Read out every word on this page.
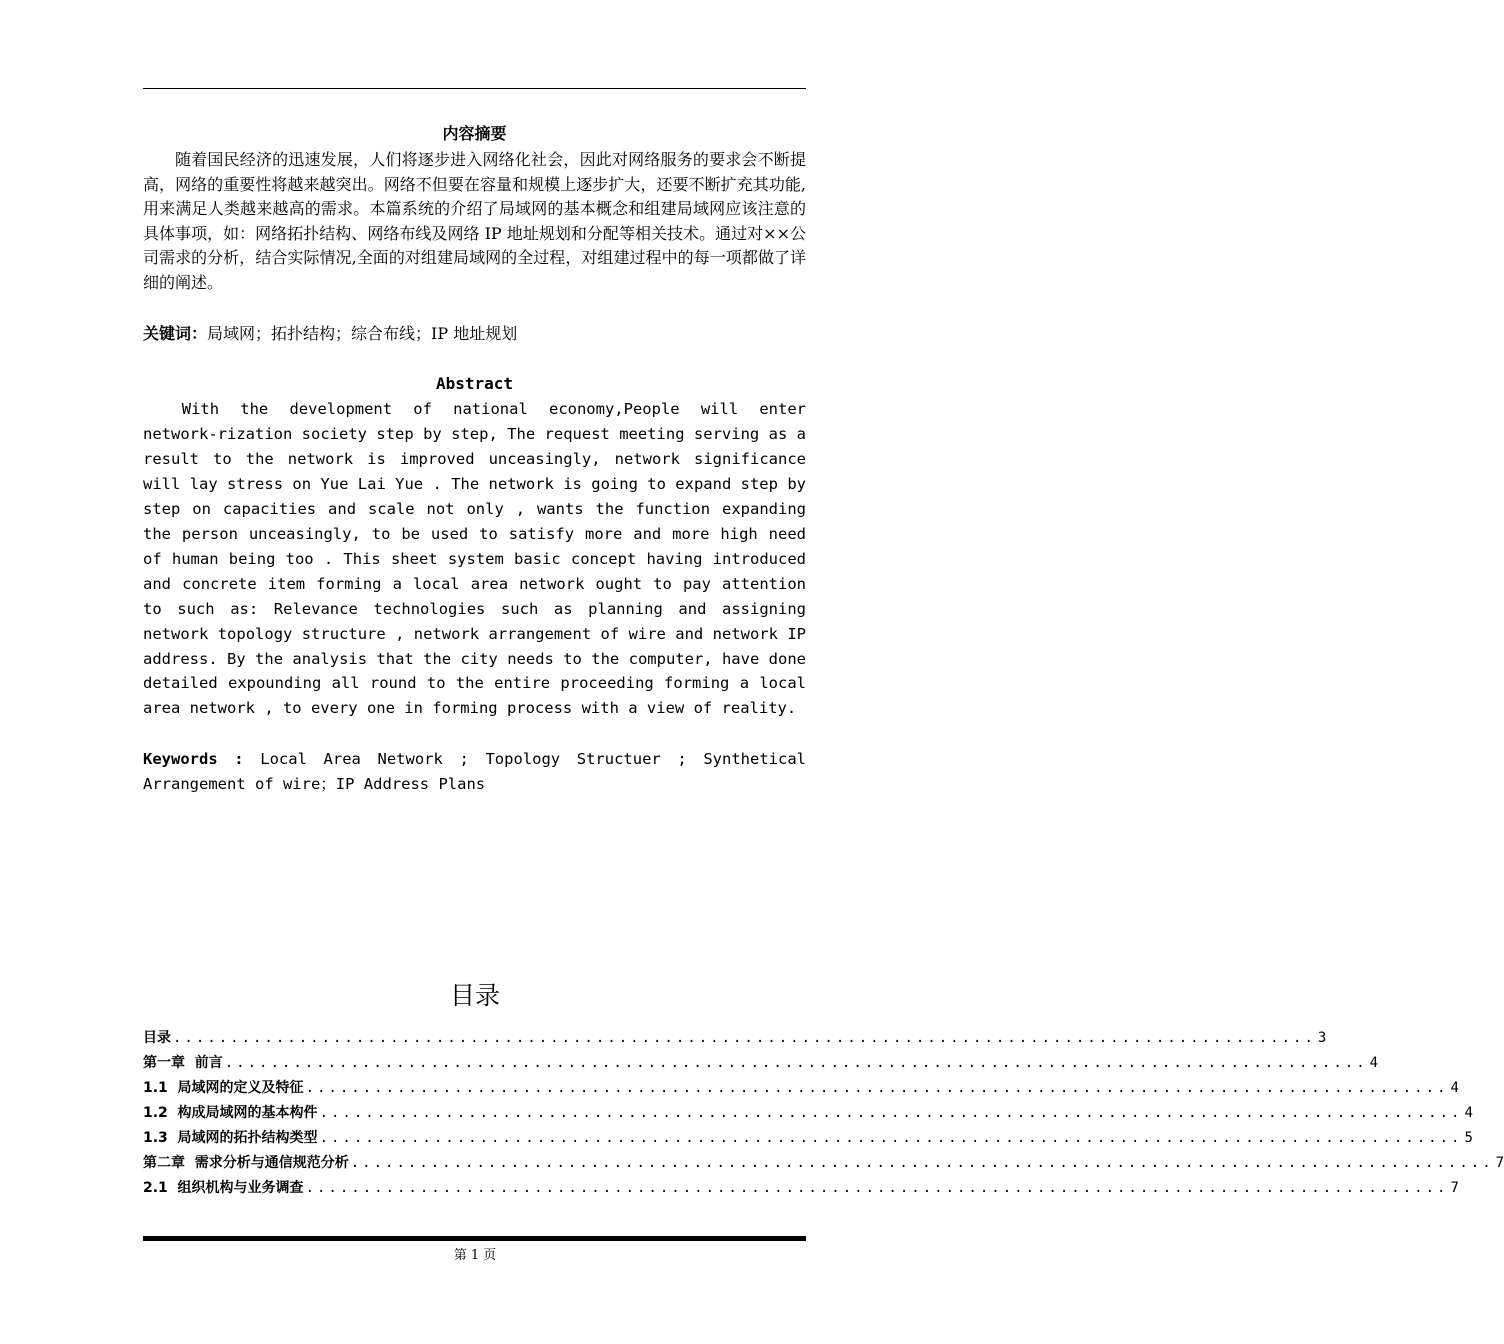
内容摘要
随着国民经济的迅速发展，人们将逐步进入网络化社会，因此对网络服务的要求会不断提高，网络的重要性将越来越突出。网络不但要在容量和规模上逐步扩大，还要不断扩充其功能,用来满足人类越来越高的需求。本篇系统的介绍了局域网的基本概念和组建局域网应该注意的具体事项，如：网络拓扑结构、网络布线及网络 IP 地址规划和分配等相关技术。通过对××公司需求的分析，结合实际情况,全面的对组建局域网的全过程，对组建过程中的每一项都做了详细的阐述。
关键词：局域网；拓扑结构；综合布线；IP 地址规划
Abstract
With the development of national economy,People will enter network-rization society step by step, The request meeting serving as a result to the network is improved unceasingly, network significance will lay stress on Yue Lai Yue . The network is going to expand step by step on capacities and scale not only , wants the function expanding the person unceasingly, to be used to satisfy more and more high need of human being too . This sheet system basic concept having introduced and concrete item forming a local area network ought to pay attention to such as: Relevance technologies such as planning and assigning network topology structure , network arrangement of wire and network IP address. By the analysis that the city needs to the computer, have done detailed expounding all round to the entire proceeding forming a local area network , to every one in forming process with a view of reality.
Keywords : Local Area Network ; Topology Structuer ; Synthetical Arrangement of wire；IP Address Plans
目录
目录 .................................................................................................... 3
第一章  前言 .................................................................................................... 4
1.1  局域网的定义及特征 .................................................................................................... 4
1.2  构成局域网的基本构件 .................................................................................................... 4
1.3  局域网的拓扑结构类型 .................................................................................................... 5
第二章  需求分析与通信规范分析 .................................................................................................... 7
2.1  组织机构与业务调查 .................................................................................................... 7
第 1 页
